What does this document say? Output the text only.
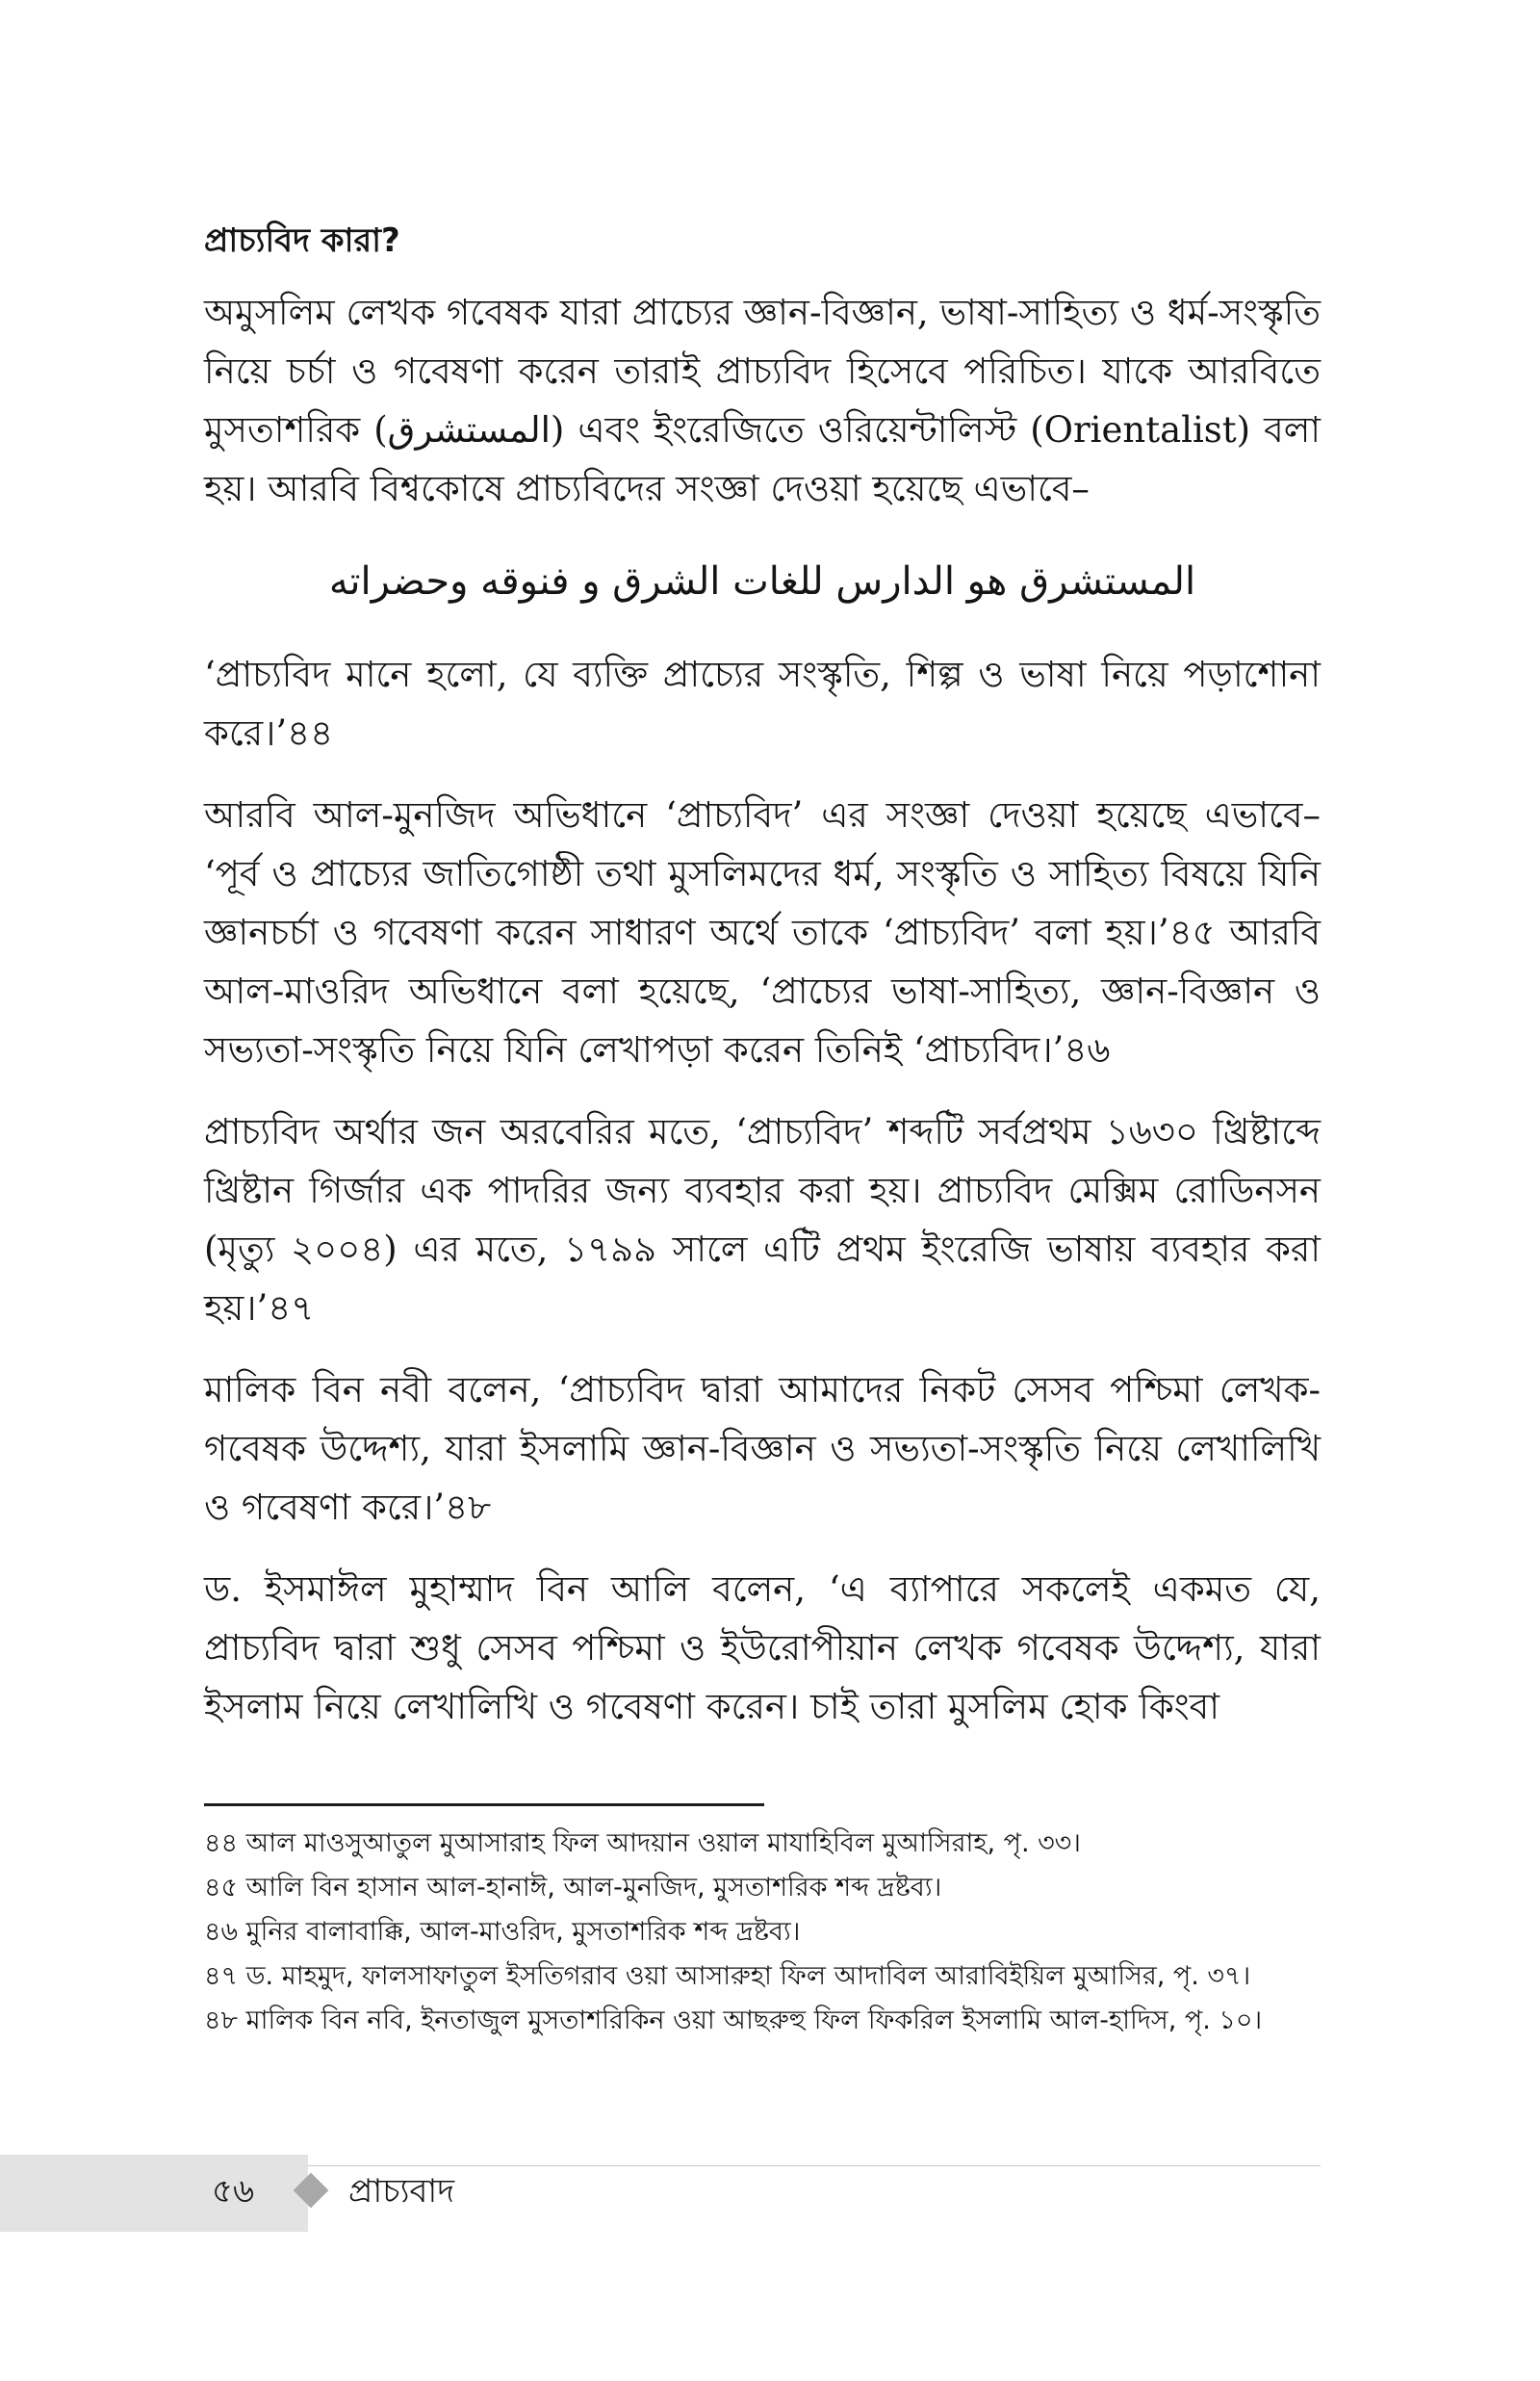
প্রাচ্যবিদ কারা?

অমুসলিম লেখক গবেষক যারা প্রাচ্যের জ্ঞান-বিজ্ঞান, ভাষা-সাহিত্য ও ধর্ম-সংস্কৃতি নিয়ে চর্চা ও গবেষণা করেন তারাই প্রাচ্যবিদ হিসেবে পরিচিত। যাকে আরবিতে মুসতাশরিক (المستشرق) এবং ইংরেজিতে ওরিয়েন্টালিস্ট (Orientalist) বলা হয়। আরবি বিশ্বকোষে প্রাচ্যবিদের সংজ্ঞা দেওয়া হয়েছে এভাবে–

المستشرق هو الدارس للغات الشرق و فنوقه وحضراته

‘প্রাচ্যবিদ মানে হলো, যে ব্যক্তি প্রাচ্যের সংস্কৃতি, শিল্প ও ভাষা নিয়ে পড়াশোনা করে।’৪৪

আরবি আল-মুনজিদ অভিধানে ‘প্রাচ্যবিদ’ এর সংজ্ঞা দেওয়া হয়েছে এভাবে– ‘পূর্ব ও প্রাচ্যের জাতিগোষ্ঠী তথা মুসলিমদের ধর্ম, সংস্কৃতি ও সাহিত্য বিষয়ে যিনি জ্ঞানচর্চা ও গবেষণা করেন সাধারণ অর্থে তাকে ‘প্রাচ্যবিদ’ বলা হয়।’৪৫ আরবি আল-মাওরিদ অভিধানে বলা হয়েছে, ‘প্রাচ্যের ভাষা-সাহিত্য, জ্ঞান-বিজ্ঞান ও সভ্যতা-সংস্কৃতি নিয়ে যিনি লেখাপড়া করেন তিনিই ‘প্রাচ্যবিদ।’৪৬

প্রাচ্যবিদ অর্থার জন অরবেরির মতে, ‘প্রাচ্যবিদ’ শব্দটি সর্বপ্রথম ১৬৩০ খ্রিষ্টাব্দে খ্রিষ্টান গির্জার এক পাদরির জন্য ব্যবহার করা হয়। প্রাচ্যবিদ মেক্সিম রোডিনসন (মৃত্যু ২০০৪) এর মতে, ১৭৯৯ সালে এটি প্রথম ইংরেজি ভাষায় ব্যবহার করা হয়।’৪৭

মালিক বিন নবী বলেন, ‘প্রাচ্যবিদ দ্বারা আমাদের নিকট সেসব পশ্চিমা লেখক-গবেষক উদ্দেশ্য, যারা ইসলামি জ্ঞান-বিজ্ঞান ও সভ্যতা-সংস্কৃতি নিয়ে লেখালিখি ও গবেষণা করে।’৪৮

ড. ইসমাঈল মুহাম্মাদ বিন আলি বলেন, ‘এ ব্যাপারে সকলেই একমত যে, প্রাচ্যবিদ দ্বারা শুধু সেসব পশ্চিমা ও ইউরোপীয়ান লেখক গবেষক উদ্দেশ্য, যারা ইসলাম নিয়ে লেখালিখি ও গবেষণা করেন। চাই তারা মুসলিম হোক কিংবা

৪৪ আল মাওসুআতুল মুআসারাহ ফিল আদয়ান ওয়াল মাযাহিবিল মুআসিরাহ, পৃ. ৩৩।

৪৫ আলি বিন হাসান আল-হানাঈ, আল-মুনজিদ, মুসতাশরিক শব্দ দ্রষ্টব্য।

৪৬ মুনির বালাবাক্কি, আল-মাওরিদ, মুসতাশরিক শব্দ দ্রষ্টব্য।

৪৭ ড. মাহমুদ, ফালসাফাতুল ইসতিগরাব ওয়া আসারুহা ফিল আদাবিল আরাবিইয়িল মুআসির, পৃ. ৩৭।

৪৮ মালিক বিন নবি, ইনতাজুল মুসতাশরিকিন ওয়া আছরুহু ফিল ফিকরিল ইসলামি আল-হাদিস, পৃ. ১০।

৫৬	প্রাচ্যবাদ
